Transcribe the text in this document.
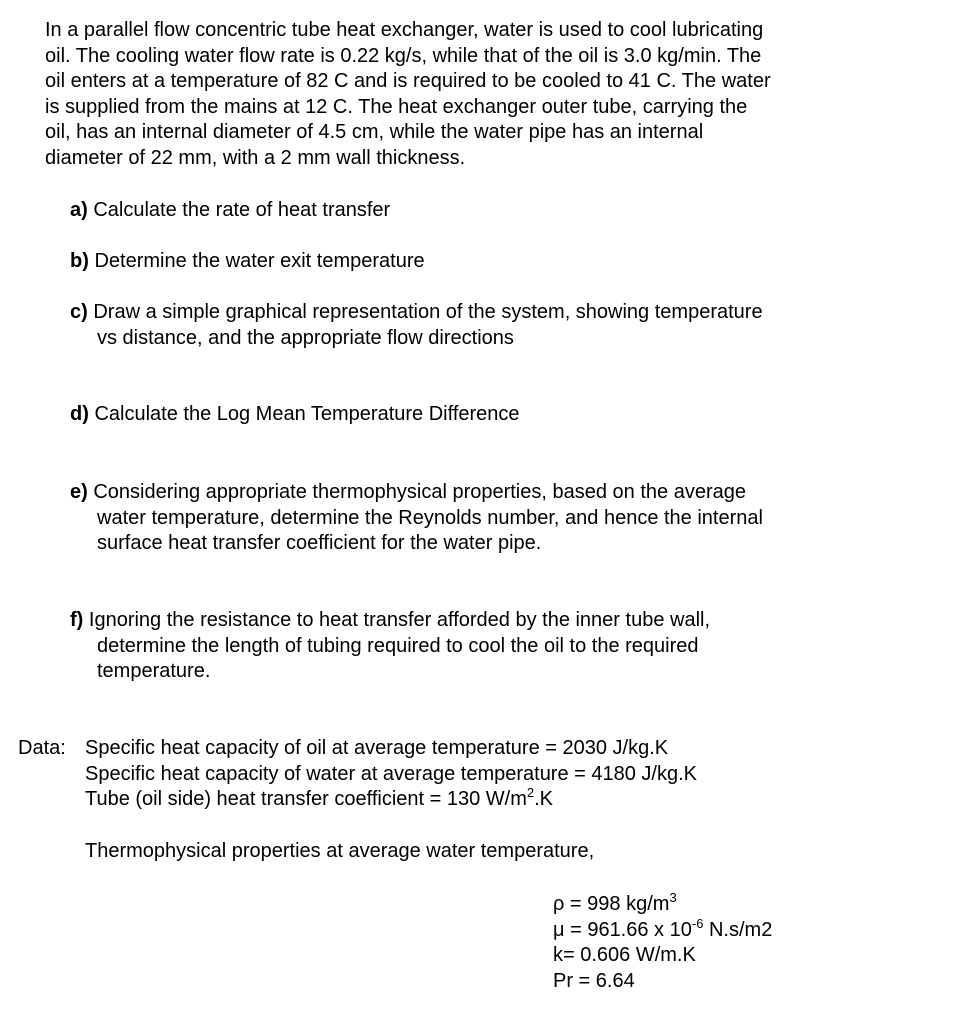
In a parallel flow concentric tube heat exchanger, water is used to cool lubricating
oil. The cooling water flow rate is 0.22 kg/s, while that of the oil is 3.0 kg/min. The
oil enters at a temperature of 82 C and is required to be cooled to 41 C. The water
is supplied from the mains at 12 C. The heat exchanger outer tube, carrying the
oil, has an internal diameter of 4.5 cm, while the water pipe has an internal
diameter of 22 mm, with a 2 mm wall thickness.
a) Calculate the rate of heat transfer
b) Determine the water exit temperature
c) Draw a simple graphical representation of the system, showing temperature
vs distance, and the appropriate flow directions
d) Calculate the Log Mean Temperature Difference
e) Considering appropriate thermophysical properties, based on the average
water temperature, determine the Reynolds number, and hence the internal
surface heat transfer coefficient for the water pipe.
f) Ignoring the resistance to heat transfer afforded by the inner tube wall,
determine the length of tubing required to cool the oil to the required
temperature.
Data: Specific heat capacity of oil at average temperature = 2030 J/kg.K
Specific heat capacity of water at average temperature = 4180 J/kg.K
Tube (oil side) heat transfer coefficient = 130 $W/m^2.K$
Thermophysical properties at average water temperature,
ρ = 998 $kg/m^3$
μ = 961.66 x $10^{-6}$ N.s/m2
k= 0.606 W/m.K
Pr = 6.64
